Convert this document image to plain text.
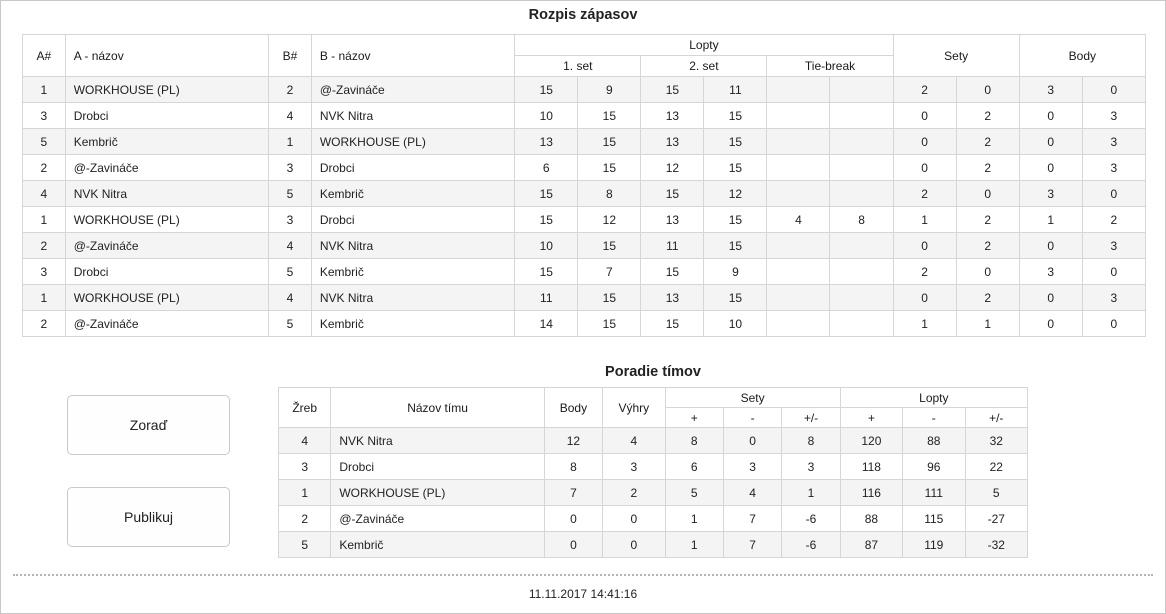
Rozpis zápasov
A#	A - názov	B#	B - názov	Lopty						Sety		Body	
				1. set		2. set		Tie-break					
1	WORKHOUSE (PL)	2	@-Zavináče	15	9	15	11			2	0	3	0
3	Drobci	4	NVK Nitra	10	15	13	15			0	2	0	3
5	Kembrič	1	WORKHOUSE (PL)	13	15	13	15			0	2	0	3
2	@-Zavináče	3	Drobci	6	15	12	15			0	2	0	3
4	NVK Nitra	5	Kembrič	15	8	15	12			2	0	3	0
1	WORKHOUSE (PL)	3	Drobci	15	12	13	15	4	8	1	2	1	2
2	@-Zavináče	4	NVK Nitra	10	15	11	15			0	2	0	3
3	Drobci	5	Kembrič	15	7	15	9			2	0	3	0
1	WORKHOUSE (PL)	4	NVK Nitra	11	15	13	15			0	2	0	3
2	@-Zavináče	5	Kembrič	14	15	15	10			1	1	0	0
Poradie tímov
Žreb	Názov tímu	Body	Výhry	Sety			Lopty		
				+	-	+/-	+	-	+/-
4	NVK Nitra	12	4	8	0	8	120	88	32
3	Drobci	8	3	6	3	3	118	96	22
1	WORKHOUSE (PL)	7	2	5	4	1	116	111	5
2	@-Zavináče	0	0	1	7	-6	88	115	-27
5	Kembrič	0	0	1	7	-6	87	119	-32
Zoraď
Publikuj
11.11.2017 14:41:16
